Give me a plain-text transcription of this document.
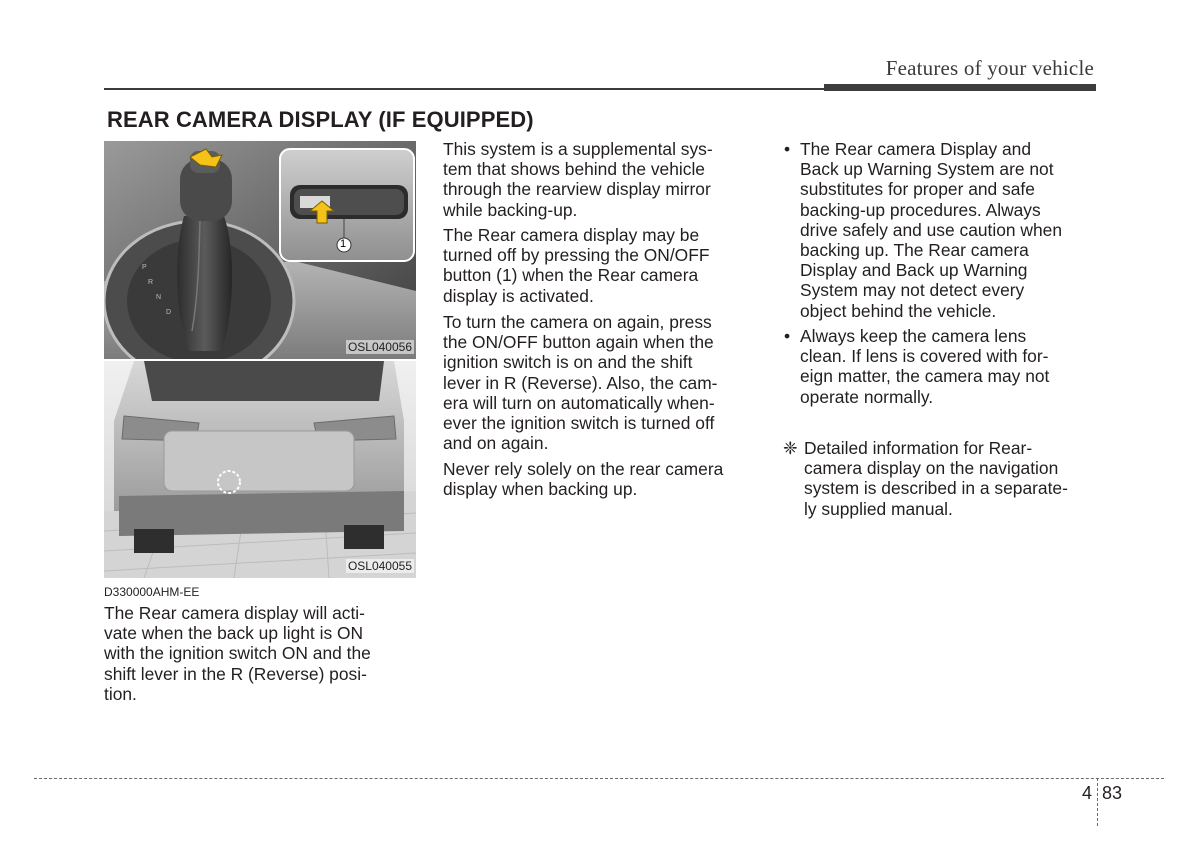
Features of your vehicle
REAR CAMERA DISPLAY (IF EQUIPPED)
P
R
N
D
1
OSL040056
OSL040055
D330000AHM-EE

The Rear camera display will acti-
vate when the back up light is ON
with the ignition switch ON and the
shift lever in the R (Reverse) posi-
tion.

This system is a supplemental sys-
tem that shows behind the vehicle
through the rearview display mirror
while backing-up.

The Rear camera display may be
turned off by pressing the ON/OFF
button (1) when the Rear camera
display is activated.

To turn the camera on again, press
the ON/OFF button again when the
ignition switch is on and the shift
lever in R (Reverse). Also, the cam-
era will turn on automatically when-
ever the ignition switch is turned off
and on again.

Never rely solely on the rear camera
display when backing up.

• The Rear camera Display and
Back up Warning System are not
substitutes for proper and safe
backing-up procedures. Always
drive safely and use caution when
backing up. The Rear camera
Display and Back up Warning
System may not detect every
object behind the vehicle.

• Always keep the camera lens
clean. If lens is covered with for-
eign matter, the camera may not
operate normally.

❈ Detailed information for Rear-
camera display on the navigation
system is described in a separate-
ly supplied manual.

4 83
